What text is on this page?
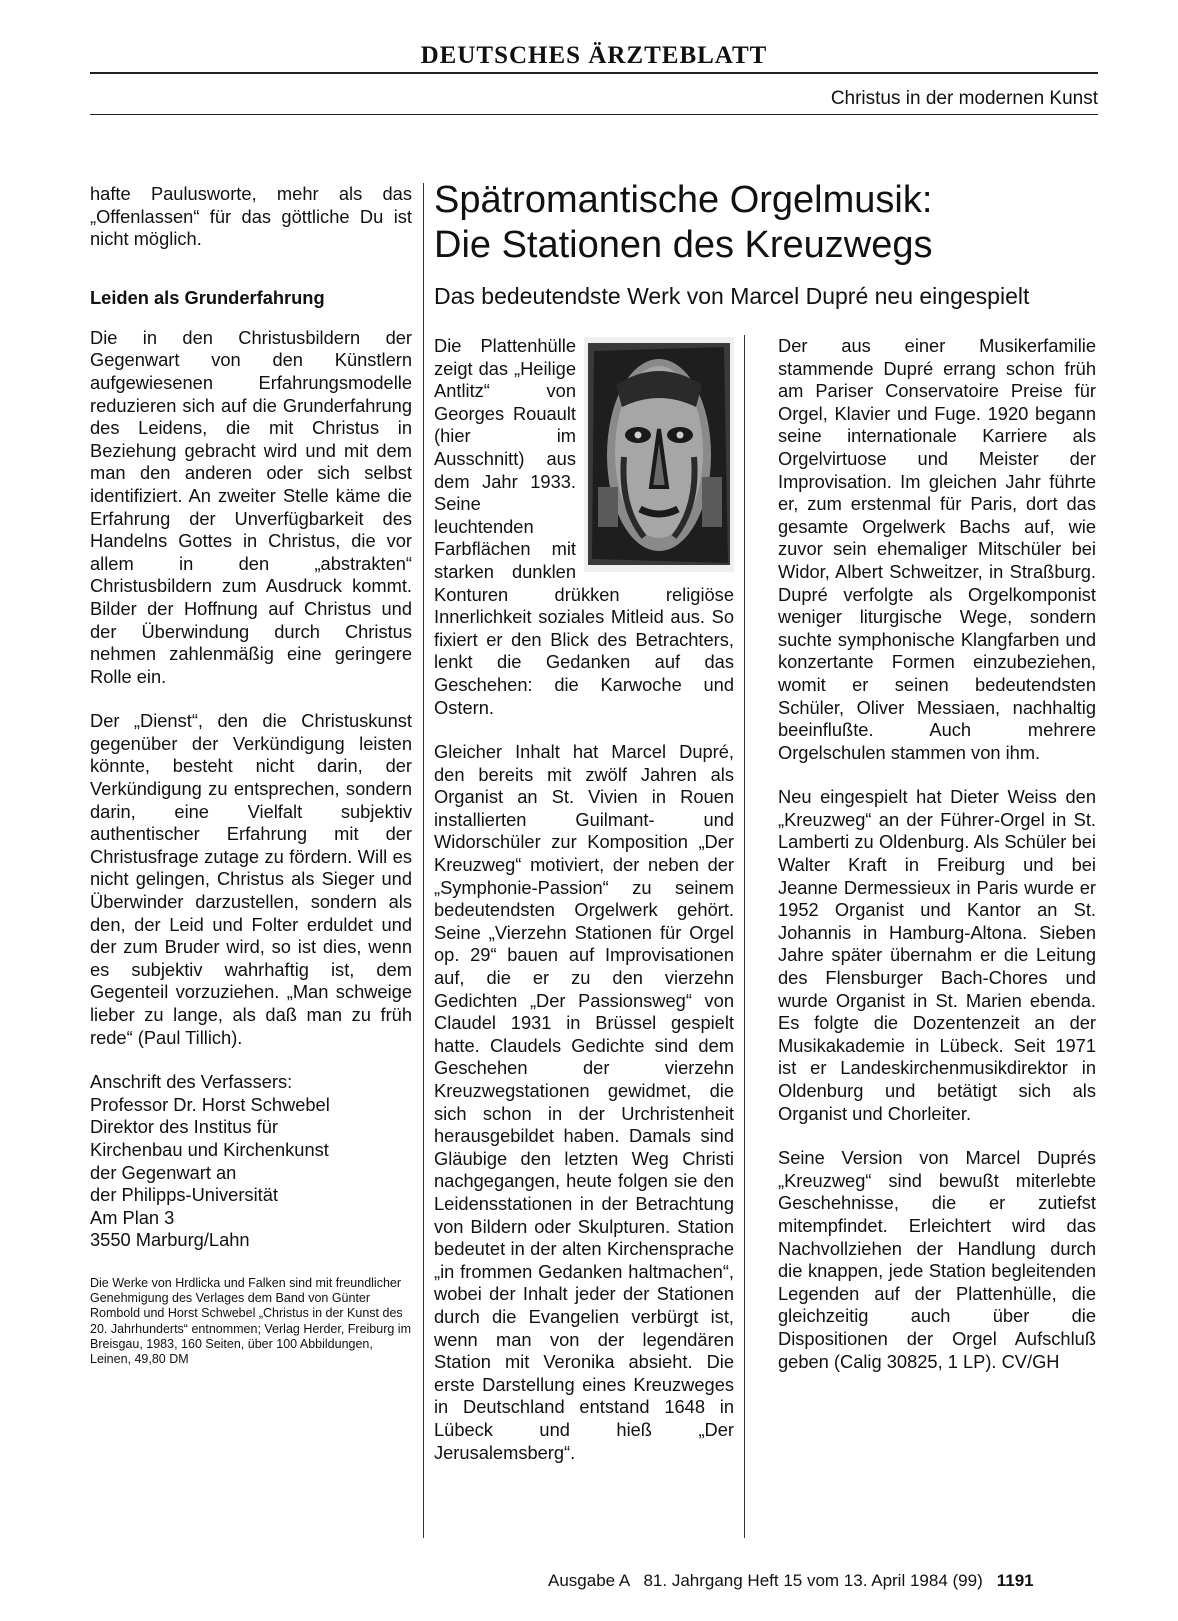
DEUTSCHES ÄRZTEBLATT
Christus in der modernen Kunst

hafte Paulusworte, mehr als das „Offenlassen“ für das göttliche Du ist nicht möglich.

Leiden als Grunderfahrung

Die in den Christusbildern der Gegenwart von den Künstlern aufgewiesenen Erfahrungsmodelle reduzieren sich auf die Grunderfahrung des Leidens, die mit Christus in Beziehung gebracht wird und mit dem man den anderen oder sich selbst identifiziert. An zweiter Stelle käme die Erfahrung der Unverfügbarkeit des Handelns Gottes in Christus, die vor allem in den „abstrakten“ Christusbildern zum Ausdruck kommt. Bilder der Hoffnung auf Christus und der Überwindung durch Christus nehmen zahlenmäßig eine geringere Rolle ein.

Der „Dienst“, den die Christuskunst gegenüber der Verkündigung leisten könnte, besteht nicht darin, der Verkündigung zu entsprechen, sondern darin, eine Vielfalt subjektiv authentischer Erfahrung mit der Christusfrage zutage zu fördern. Will es nicht gelingen, Christus als Sieger und Überwinder darzustellen, sondern als den, der Leid und Folter erduldet und der zum Bruder wird, so ist dies, wenn es subjektiv wahrhaftig ist, dem Gegenteil vorzuziehen. „Man schweige lieber zu lange, als daß man zu früh rede“ (Paul Tillich).

Anschrift des Verfassers:

Professor Dr. Horst Schwebel

Direktor des Institus für

Kirchenbau und Kirchenkunst

der Gegenwart an

der Philipps-Universität

Am Plan 3

3550 Marburg/Lahn

Die Werke von Hrdlicka und Falken sind mit freundlicher Genehmigung des Verlages dem Band von Günter Rombold und Horst Schwebel „Christus in der Kunst des 20. Jahrhunderts“ entnommen; Verlag Herder, Freiburg im Breisgau, 1983, 160 Seiten, über 100 Abbildungen, Leinen, 49,80 DM
Spätromantische Orgelmusik:
Die Stationen des Kreuzwegs
Das bedeutendste Werk von Marcel Dupré neu eingespielt

Die Plattenhülle zeigt das „Heilige Antlitz“ von Georges Rouault (hier im Ausschnitt) aus dem Jahr 1933. Seine leuchtenden Farbflächen mit starken dunklen Konturen drükken religiöse Innerlichkeit soziales Mitleid aus. So fixiert er den Blick des Betrachters, lenkt die Gedanken auf das Geschehen: die Karwoche und Ostern.

Gleicher Inhalt hat Marcel Dupré, den bereits mit zwölf Jahren als Organist an St. Vivien in Rouen installierten Guilmant- und Widorschüler zur Komposition „Der Kreuzweg“ motiviert, der neben der „Symphonie-Passion“ zu seinem bedeutendsten Orgelwerk gehört. Seine „Vierzehn Stationen für Orgel op. 29“ bauen auf Improvisationen auf, die er zu den vierzehn Gedichten „Der Passionsweg“ von Claudel 1931 in Brüssel gespielt hatte. Claudels Gedichte sind dem Geschehen der vierzehn Kreuzwegstationen gewidmet, die sich schon in der Urchristenheit herausgebildet haben. Damals sind Gläubige den letzten Weg Christi nachgegangen, heute folgen sie den Leidensstationen in der Betrachtung von Bildern oder Skulpturen. Station bedeutet in der alten Kirchensprache „in frommen Gedanken haltmachen“, wobei der Inhalt jeder der Stationen durch die Evangelien verbürgt ist, wenn man von der legendären Station mit Veronika absieht. Die erste Darstellung eines Kreuzweges in Deutschland entstand 1648 in Lübeck und hieß „Der Jerusalemsberg“.

Der aus einer Musikerfamilie stammende Dupré errang schon früh am Pariser Conservatoire Preise für Orgel, Klavier und Fuge. 1920 begann seine internationale Karriere als Orgelvirtuose und Meister der Improvisation. Im gleichen Jahr führte er, zum erstenmal für Paris, dort das gesamte Orgelwerk Bachs auf, wie zuvor sein ehemaliger Mitschüler bei Widor, Albert Schweitzer, in Straßburg. Dupré verfolgte als Orgelkomponist weniger liturgische Wege, sondern suchte symphonische Klangfarben und konzertante Formen einzubeziehen, womit er seinen bedeutendsten Schüler, Oliver Messiaen, nachhaltig beeinflußte. Auch mehrere Orgelschulen stammen von ihm.

Neu eingespielt hat Dieter Weiss den „Kreuzweg“ an der Führer-Orgel in St. Lamberti zu Oldenburg. Als Schüler bei Walter Kraft in Freiburg und bei Jeanne Dermessieux in Paris wurde er 1952 Organist und Kantor an St. Johannis in Hamburg-Altona. Sieben Jahre später übernahm er die Leitung des Flensburger Bach-Chores und wurde Organist in St. Marien ebenda. Es folgte die Dozentenzeit an der Musikakademie in Lübeck. Seit 1971 ist er Landeskirchenmusikdirektor in Oldenburg und betätigt sich als Organist und Chorleiter.

Seine Version von Marcel Duprés „Kreuzweg“ sind bewußt miterlebte Geschehnisse, die er zutiefst mitempfindet. Erleichtert wird das Nachvollziehen der Handlung durch die knappen, jede Station begleitenden Legenden auf der Plattenhülle, die gleichzeitig auch über die Dispositionen der Orgel Aufschluß geben (Calig 30825, 1 LP). CV/GH

Ausgabe A   81. Jahrgang Heft 15 vom 13. April 1984 (99) 1191
